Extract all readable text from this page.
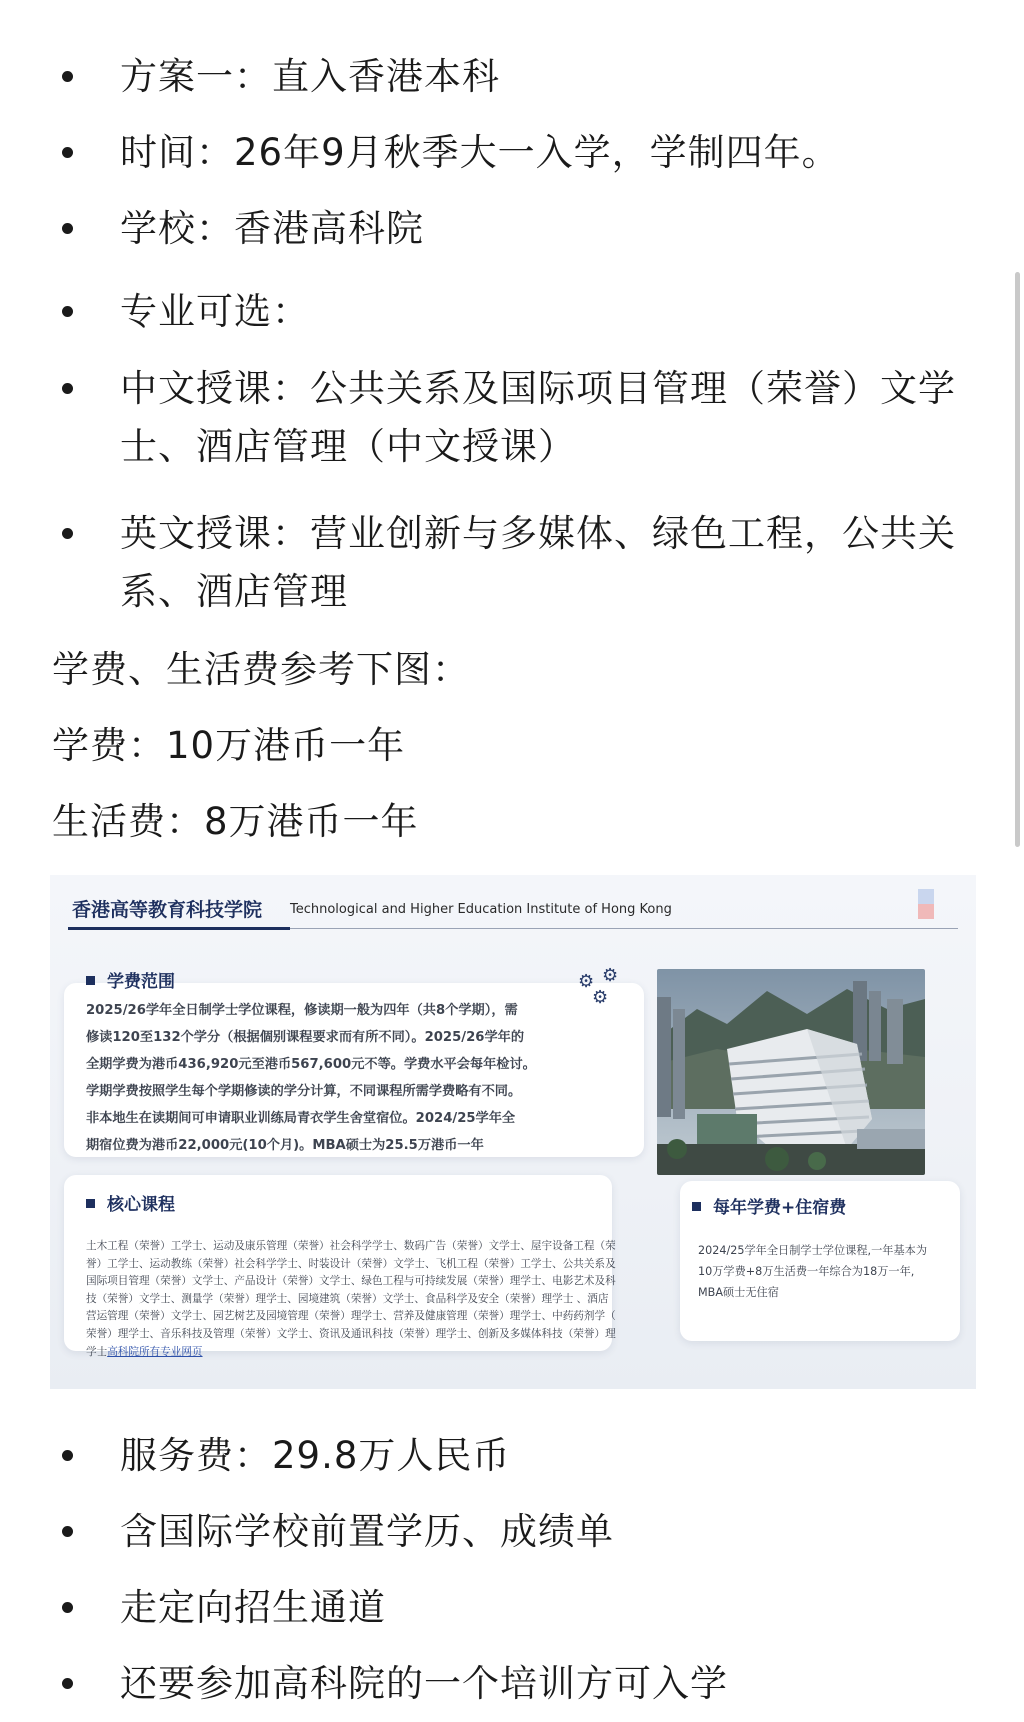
方案一：直入香港本科
时间：26年9月秋季大一入学，学制四年。
学校：香港高科院
专业可选：
中文授课：公共关系及国际项目管理（荣誉）文学士、酒店管理（中文授课）
英文授课：营业创新与多媒体、绿色工程，公共关系、酒店管理
学费、生活费参考下图：
学费：10万港币一年
生活费：8万港币一年
香港高等教育科技学院 Technological and Higher Education Institute of Hong Kong
学费范围
2025/26学年全日制学士学位课程，修读期一般为四年（共8个学期），需
修读120至132个学分（根据個别课程要求而有所不同）。2025/26学年的
全期学费为港币436,920元至港币567,600元不等。学费水平会每年检讨。
学期学费按照学生每个学期修读的学分计算，不同课程所需学费略有不同。
非本地生在读期间可申请职业训练局青衣学生舍堂宿位。2024/25学年全
期宿位费为港币22,000元(10个月)。MBA硕士为25.5万港币一年
⚙ ⚙
⚙
核心课程
土木工程（荣誉）工学士、运动及康乐管理（荣誉）社会科学学士、数码广告（荣誉）文学士、屋宇设备工程（荣
誉）工学士、运动教练（荣誉）社会科学学士、时装设计（荣誉）文学士、飞机工程（荣誉）工学士、公共关系及
国际项目管理（荣誉）文学士、产品设计（荣誉）文学士、绿色工程与可持续发展（荣誉）理学士、电影艺术及科
技（荣誉）文学士、测量学（荣誉）理学士、园境建筑（荣誉）文学士、食品科学及安全（荣誉）理学士 、酒店
营运管理（荣誉）文学士、园艺树艺及园境管理（荣誉）理学士、营养及健康管理（荣誉）理学士、中药药剂学（
荣誉）理学士、音乐科技及管理（荣誉）文学士、资讯及通讯科技（荣誉）理学士、创新及多媒体科技（荣誉）理
学士高科院所有专业网页
每年学费+住宿费
2024/25学年全日制学士学位课程,一年基本为
10万学费+8万生活费一年综合为18万一年,
MBA硕士无住宿
服务费：29.8万人民币
含国际学校前置学历、成绩单
走定向招生通道
还要参加高科院的一个培训方可入学
